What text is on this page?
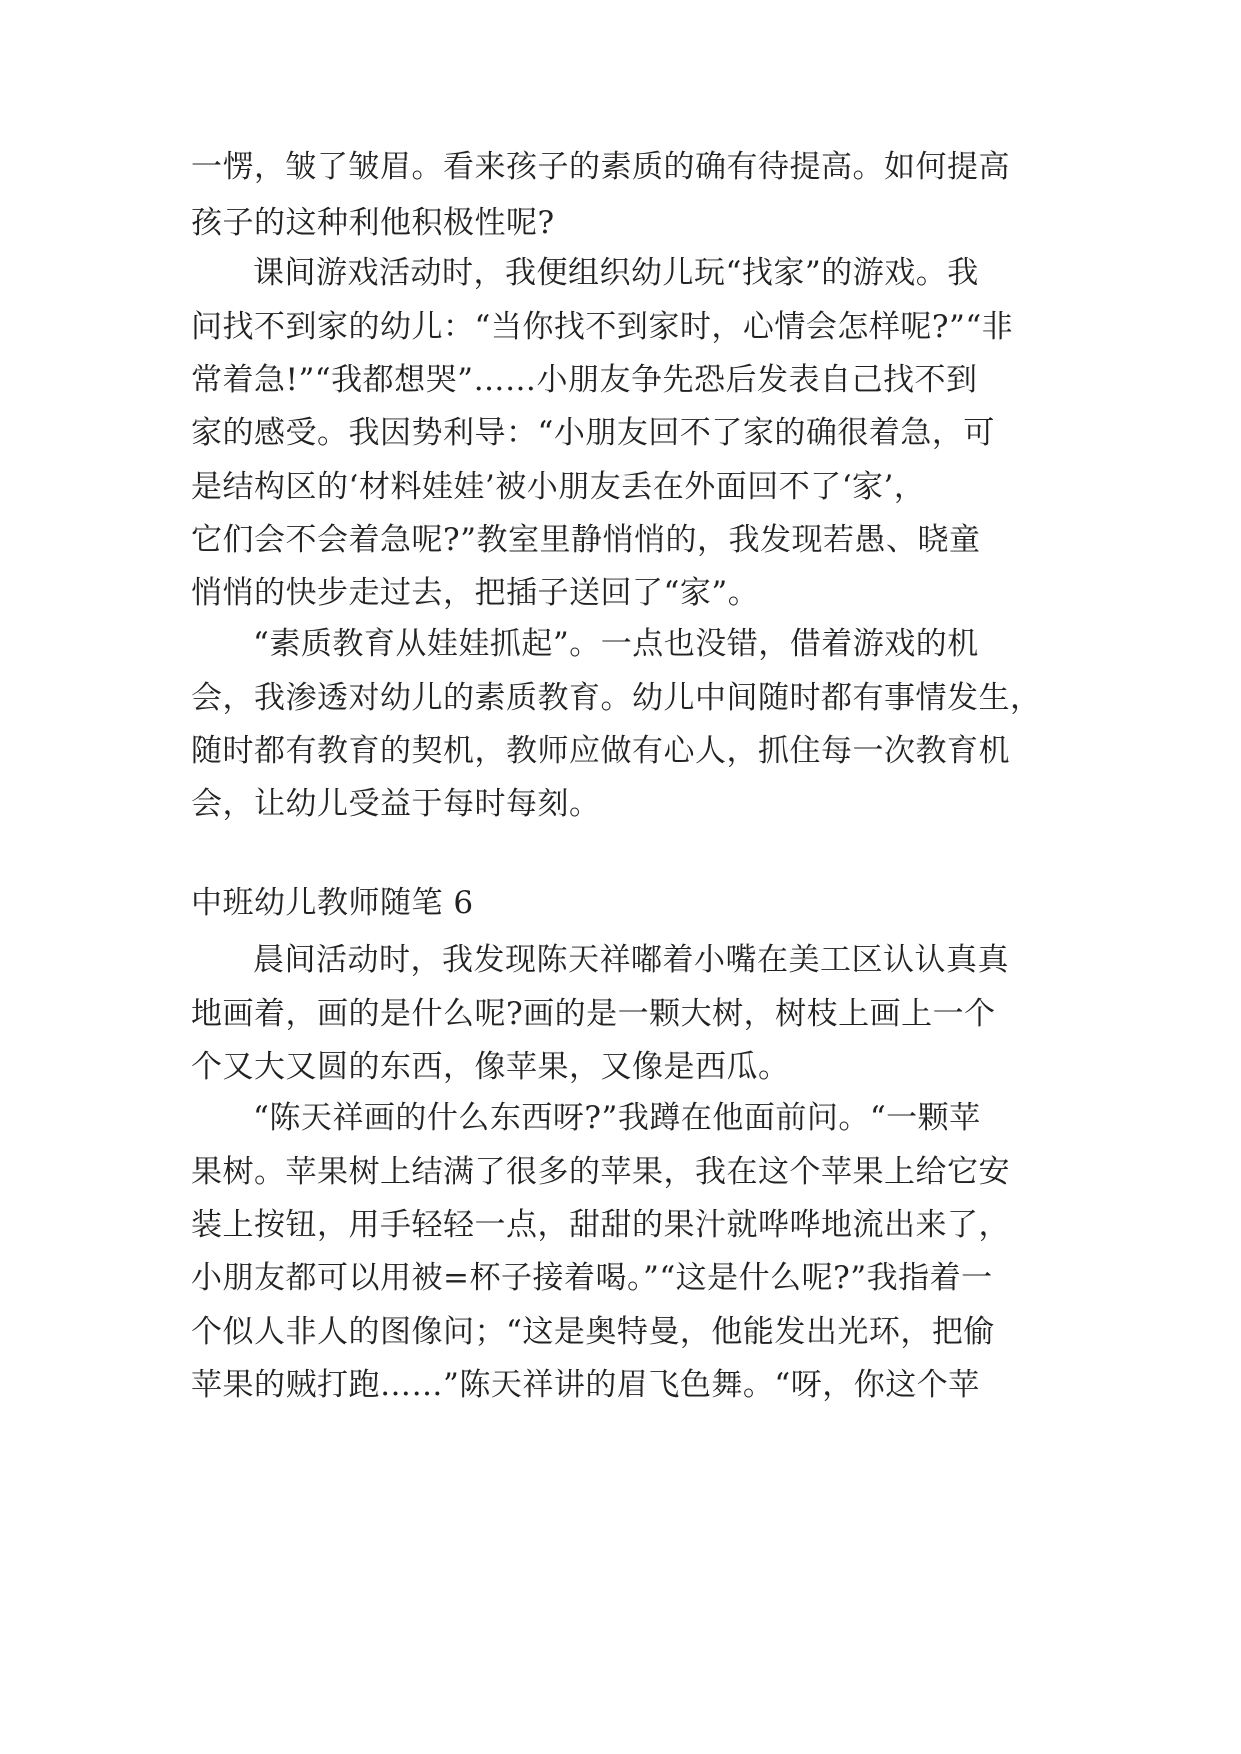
一愣，皱了皱眉。看来孩子的素质的确有待提高。如何提高
孩子的这种利他积极性呢?
课间游戏活动时，我便组织幼儿玩“找家”的游戏。我
问找不到家的幼儿：“当你找不到家时，心情会怎样呢?”“非
常着急!”“我都想哭”……小朋友争先恐后发表自己找不到
家的感受。我因势利导：“小朋友回不了家的确很着急，可
是结构区的‘材料娃娃’被小朋友丢在外面回不了‘家’，
它们会不会着急呢?”教室里静悄悄的，我发现若愚、晓童
悄悄的快步走过去，把插子送回了“家”。
“素质教育从娃娃抓起”。一点也没错，借着游戏的机
会，我渗透对幼儿的素质教育。幼儿中间随时都有事情发生，
随时都有教育的契机，教师应做有心人，抓住每一次教育机
会，让幼儿受益于每时每刻。
中班幼儿教师随笔 6
晨间活动时，我发现陈天祥嘟着小嘴在美工区认认真真
地画着，画的是什么呢?画的是一颗大树，树枝上画上一个
个又大又圆的东西，像苹果，又像是西瓜。
“陈天祥画的什么东西呀?”我蹲在他面前问。“一颗苹
果树。苹果树上结满了很多的苹果，我在这个苹果上给它安
装上按钮，用手轻轻一点，甜甜的果汁就哗哗地流出来了，
小朋友都可以用被=杯子接着喝。”“这是什么呢?”我指着一
个似人非人的图像问；“这是奥特曼，他能发出光环，把偷
苹果的贼打跑……”陈天祥讲的眉飞色舞。“呀，你这个苹
